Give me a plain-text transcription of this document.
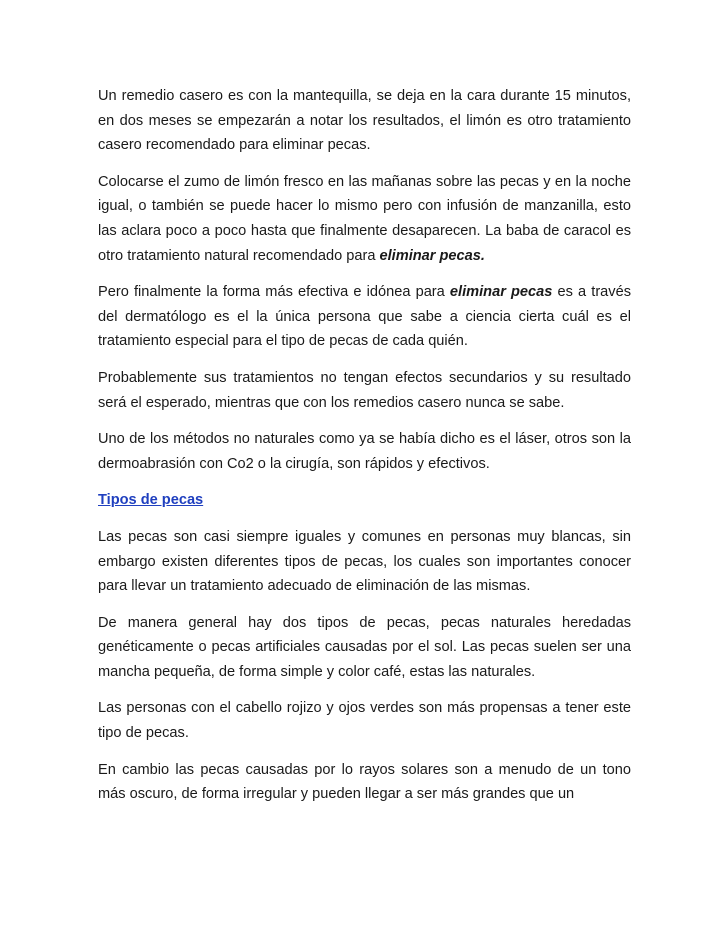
Un remedio casero es con la mantequilla, se deja en la cara durante 15 minutos, en dos meses se empezarán a notar los resultados, el limón es otro tratamiento casero recomendado para eliminar pecas.

Colocarse el zumo de limón fresco en las mañanas sobre las pecas y en la noche igual, o también se puede hacer lo mismo pero con infusión de manzanilla, esto las aclara poco a poco hasta que finalmente desaparecen. La baba de caracol es otro tratamiento natural recomendado para eliminar pecas.

Pero finalmente la forma más efectiva e idónea para eliminar pecas es a través del dermatólogo es el la única persona que sabe a ciencia cierta cuál es el tratamiento especial para el tipo de pecas de cada quién.

Probablemente sus tratamientos no tengan efectos secundarios y su resultado será el esperado, mientras que con los remedios casero nunca se sabe.

Uno de los métodos no naturales como ya se había dicho es el láser, otros son la dermoabrasión con Co2 o la cirugía, son rápidos y efectivos.

Tipos de pecas

Las pecas son casi siempre iguales y comunes en personas muy blancas, sin embargo existen diferentes tipos de pecas, los cuales son importantes conocer para llevar un tratamiento adecuado de eliminación de las mismas.

De manera general hay dos tipos de pecas, pecas naturales heredadas genéticamente o pecas artificiales causadas por el sol. Las pecas suelen ser una mancha pequeña, de forma simple y color café, estas las naturales.

Las personas con el cabello rojizo y ojos verdes son más propensas a tener este tipo de pecas.

En cambio las pecas causadas por lo rayos solares son a menudo de un tono más oscuro, de forma irregular y pueden llegar a ser más grandes que un
